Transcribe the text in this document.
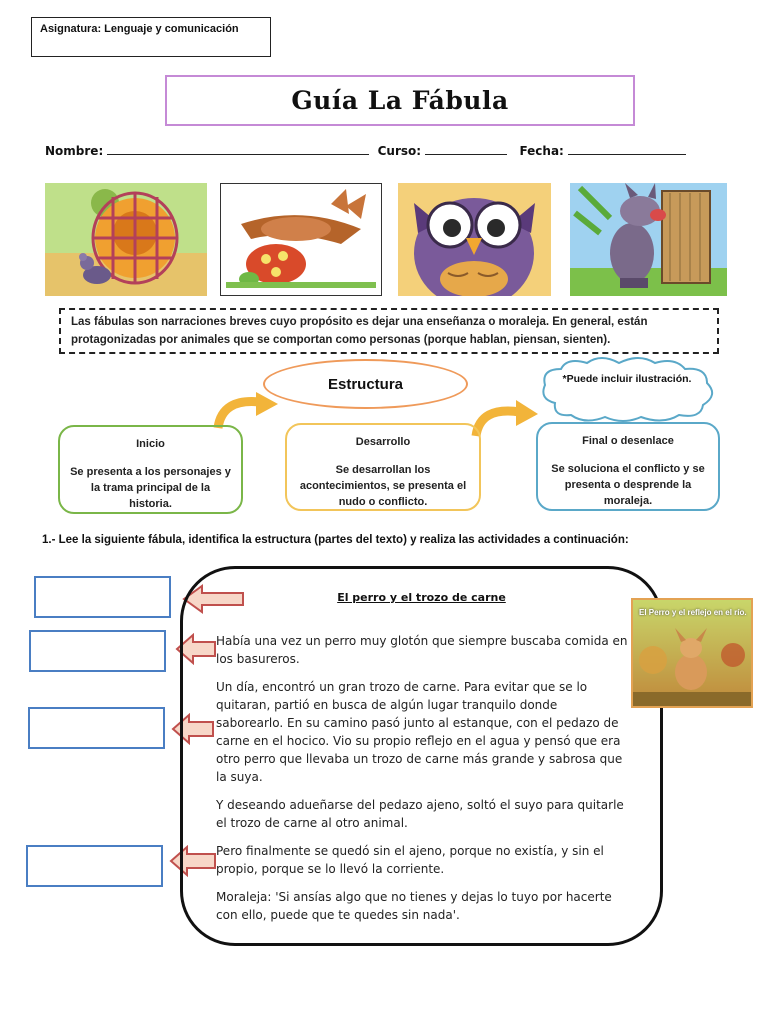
Asignatura: Lenguaje y comunicación
Guía La Fábula
Nombre:	Curso:	Fecha:
Las fábulas son narraciones breves cuyo propósito es dejar una enseñanza o moraleja. En general, están protagonizadas por animales que se comportan como personas (porque hablan, piensan, sienten).
Estructura	*Puede incluir ilustración.
Inicio
Se presenta a los personajes y la trama principal de la historia.
Desarrollo
Se desarrollan los acontecimientos, se presenta el nudo o conflicto.
Final o desenlace
Se soluciona el conflicto y se presenta o desprende la moraleja.
1.- Lee la siguiente fábula, identifica la estructura (partes del texto) y realiza las actividades a continuación:
El perro y el trozo de carne
Había una vez un perro muy glotón que siempre buscaba comida en los basureros.
Un día, encontró un gran trozo de carne. Para evitar que se lo quitaran, partió en busca de algún lugar tranquilo donde saborearlo. En su camino pasó junto al estanque, con el pedazo de carne en el hocico. Vio su propio reflejo en el agua y pensó que era otro perro que llevaba un trozo de carne más grande y sabrosa que la suya.
Y deseando adueñarse del pedazo ajeno, soltó el suyo para quitarle el trozo de carne al otro animal.
Pero finalmente se quedó sin el ajeno, porque no existía, y sin el propio, porque se lo llevó la corriente.
Moraleja: 'Si ansías algo que no tienes y dejas lo tuyo por hacerte con ello, puede que te quedes sin nada'.
El Perro y el reflejo en el río.
